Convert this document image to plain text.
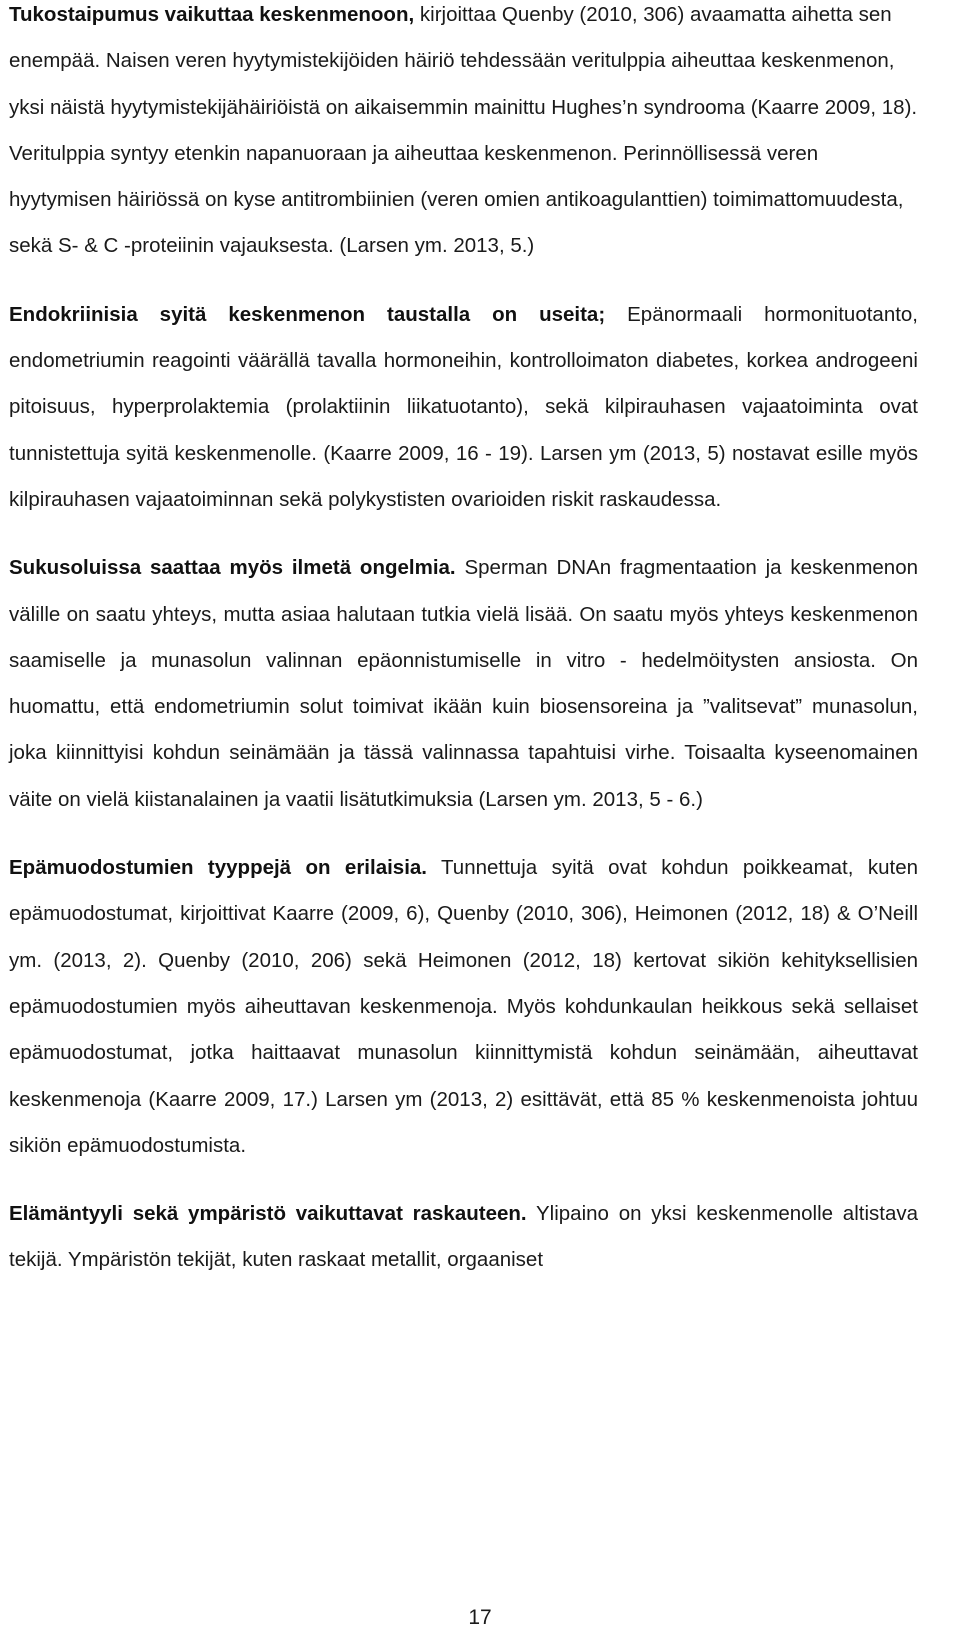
Tukostaipumus vaikuttaa keskenmenoon, kirjoittaa Quenby (2010, 306) avaamatta aihetta sen enempää. Naisen veren hyytymistekijöiden häiriö tehdessään veritulppia aiheuttaa keskenmenon, yksi näistä hyytymistekijähäiriöistä on aikaisemmin mainittu Hughes’n syndrooma (Kaarre 2009, 18). Veritulppia syntyy etenkin napanuoraan ja aiheuttaa keskenmenon. Perinnöllisessä veren hyytymisen häiriössä on kyse antitrombiinien (veren omien antikoagulanttien) toimimattomuudesta, sekä S- & C -proteiinin vajauksesta. (Larsen ym. 2013, 5.)

Endokriinisia syitä keskenmenon taustalla on useita; Epänormaali hormonituotanto, endometriumin reagointi väärällä tavalla hormoneihin, kontrolloimaton diabetes, korkea androgeeni pitoisuus, hyperprolaktemia (prolaktiinin liikatuotanto), sekä kilpirauhasen vajaatoiminta ovat tunnistettuja syitä keskenmenolle. (Kaarre 2009, 16 - 19). Larsen ym (2013, 5) nostavat esille myös kilpirauhasen vajaatoiminnan sekä polykystisten ovarioiden riskit raskaudessa.

Sukusoluissa saattaa myös ilmetä ongelmia. Sperman DNAn fragmentaation ja keskenmenon välille on saatu yhteys, mutta asiaa halutaan tutkia vielä lisää. On saatu myös yhteys keskenmenon saamiselle ja munasolun valinnan epäonnistumiselle in vitro - hedelmöitysten ansiosta. On huomattu, että endometriumin solut toimivat ikään kuin biosensoreina ja ”valitsevat” munasolun, joka kiinnittyisi kohdun seinämään ja tässä valinnassa tapahtuisi virhe. Toisaalta kyseenomainen väite on vielä kiistanalainen ja vaatii lisätutkimuksia (Larsen ym. 2013, 5 - 6.)

Epämuodostumien tyyppejä on erilaisia. Tunnettuja syitä ovat kohdun poikkeamat, kuten epämuodostumat, kirjoittivat Kaarre (2009, 6), Quenby (2010, 306), Heimonen (2012, 18) & O’Neill ym. (2013, 2). Quenby (2010, 206) sekä Heimonen (2012, 18) kertovat sikiön kehityksellisien epämuodostumien myös aiheuttavan keskenmenoja. Myös kohdunkaulan heikkous sekä sellaiset epämuodostumat, jotka haittaavat munasolun kiinnittymistä kohdun seinämään, aiheuttavat keskenmenoja (Kaarre 2009, 17.) Larsen ym (2013, 2) esittävät, että 85 % keskenmenoista johtuu sikiön epämuodostumista.

Elämäntyyli sekä ympäristö vaikuttavat raskauteen. Ylipaino on yksi keskenmenolle altistava tekijä. Ympäristön tekijät, kuten raskaat metallit, orgaaniset

17
